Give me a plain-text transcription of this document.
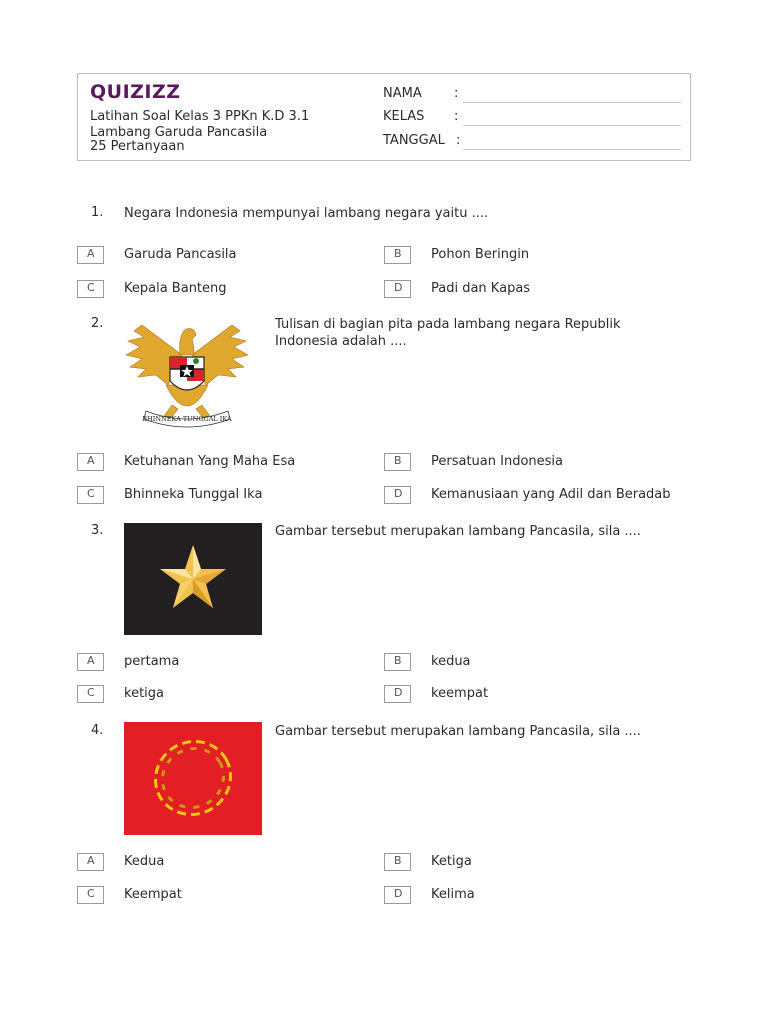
QUIZIZZ
Latihan Soal Kelas 3 PPKn K.D 3.1
Lambang Garuda Pancasila
25 Pertanyaan
NAMA :
KELAS :
TANGGAL :
1.	Negara Indonesia mempunyai lambang negara yaitu ....
A	Garuda Pancasila	B	Pohon Beringin
C	Kepala Banteng	D	Padi dan Kapas
2.
BHINNEKA TUNGGAL IKA
Tulisan di bagian pita pada lambang negara Republik Indonesia adalah ....
A	Ketuhanan Yang Maha Esa	B	Persatuan Indonesia
C	Bhinneka Tunggal Ika	D	Kemanusiaan yang Adil dan Beradab
3.	Gambar tersebut merupakan lambang Pancasila, sila ....
A	pertama	B	kedua
C	ketiga	D	keempat
4.	Gambar tersebut merupakan lambang Pancasila, sila ....
A	Kedua	B	Ketiga
C	Keempat	D	Kelima
